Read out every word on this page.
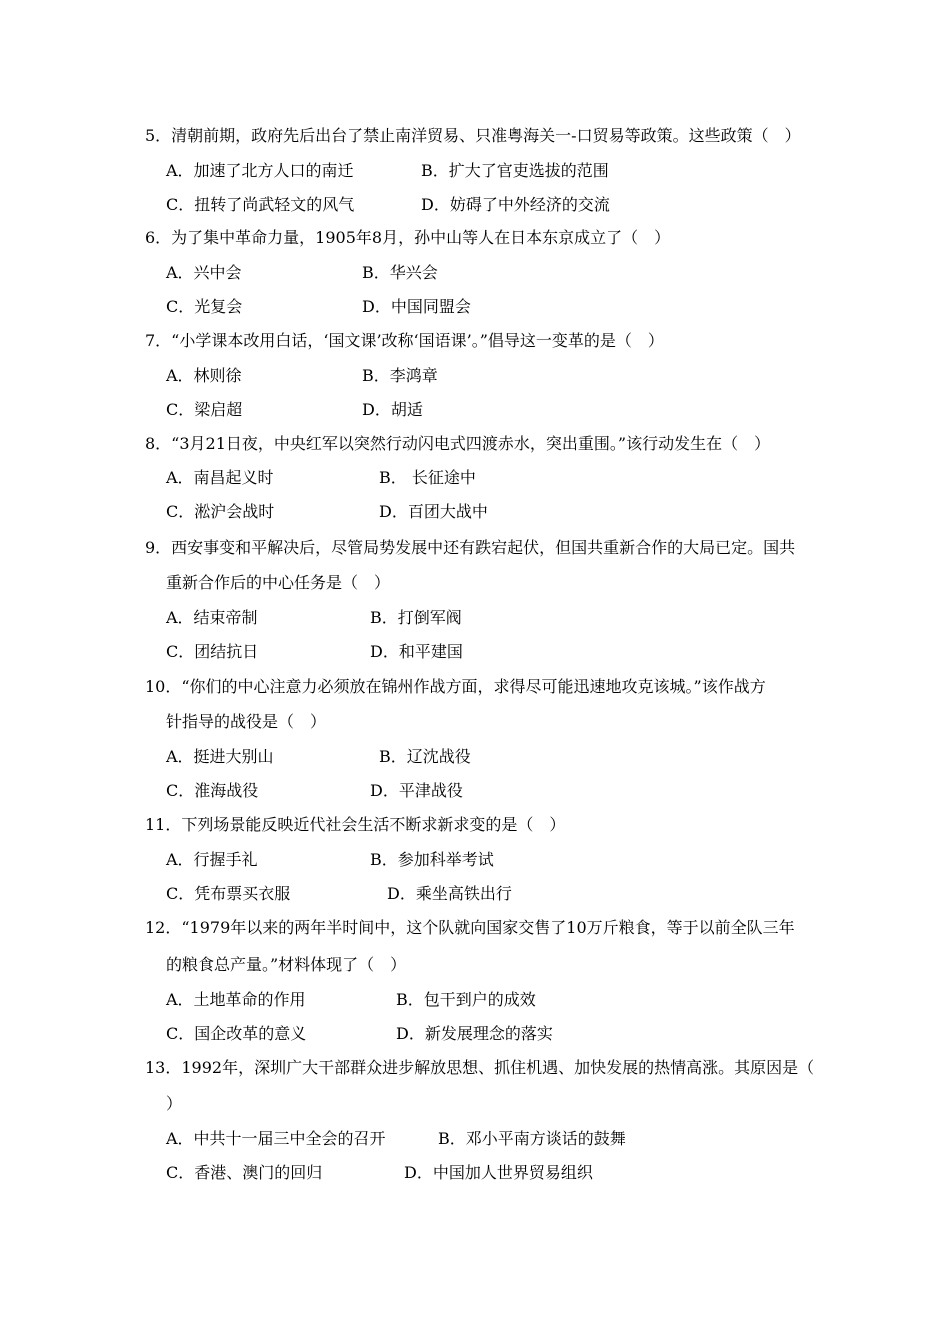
5．清朝前期，政府先后出台了禁止南洋贸易、只准粤海关一-口贸易等政策。这些政策（　）
A．加速了北方人口的南迁	B．扩大了官吏选拔的范围
C．扭转了尚武轻文的风气	D．妨碍了中外经济的交流
6．为了集中革命力量，1905年8月，孙中山等人在日本东京成立了（　）
A．兴中会	B．华兴会
C．光复会	D．中国同盟会
7．“小学课本改用白话，‘国文课’改称‘国语课’。”倡导这一变革的是（　）
A．林则徐	B．李鸿章
C．梁启超	D．胡适
8．“3月21日夜，中央红军以突然行动闪电式四渡赤水，突出重围。”该行动发生在（　）
A．南昌起义时	B． 长征途中
C．淞沪会战时	D．百团大战中
9．西安事变和平解决后，尽管局势发展中还有跌宕起伏，但国共重新合作的大局已定。国共
重新合作后的中心任务是（　）
A．结束帝制	B．打倒军阀
C．团结抗日	D．和平建国
10．“你们的中心注意力必须放在锦州作战方面，求得尽可能迅速地攻克该城。”该作战方
针指导的战役是（　）
A．挺进大别山	B．辽沈战役
C．淮海战役	D．平津战役
11．下列场景能反映近代社会生活不断求新求变的是（　）
A．行握手礼	B．参加科举考试
C．凭布票买衣服	D．乘坐高铁出行
12．“1979年以来的两年半时间中，这个队就向国家交售了10万斤粮食，等于以前全队三年
的粮食总产量。”材料体现了（　）
A．土地革命的作用	B．包干到户的成效
C．国企改革的意义	D．新发展理念的落实
13．1992年，深圳广大干部群众进步解放思想、抓住机遇、加快发展的热情高涨。其原因是（
）
A．中共十一届三中全会的召开	B．邓小平南方谈话的鼓舞
C．香港、澳门的回归	D．中国加人世界贸易组织
